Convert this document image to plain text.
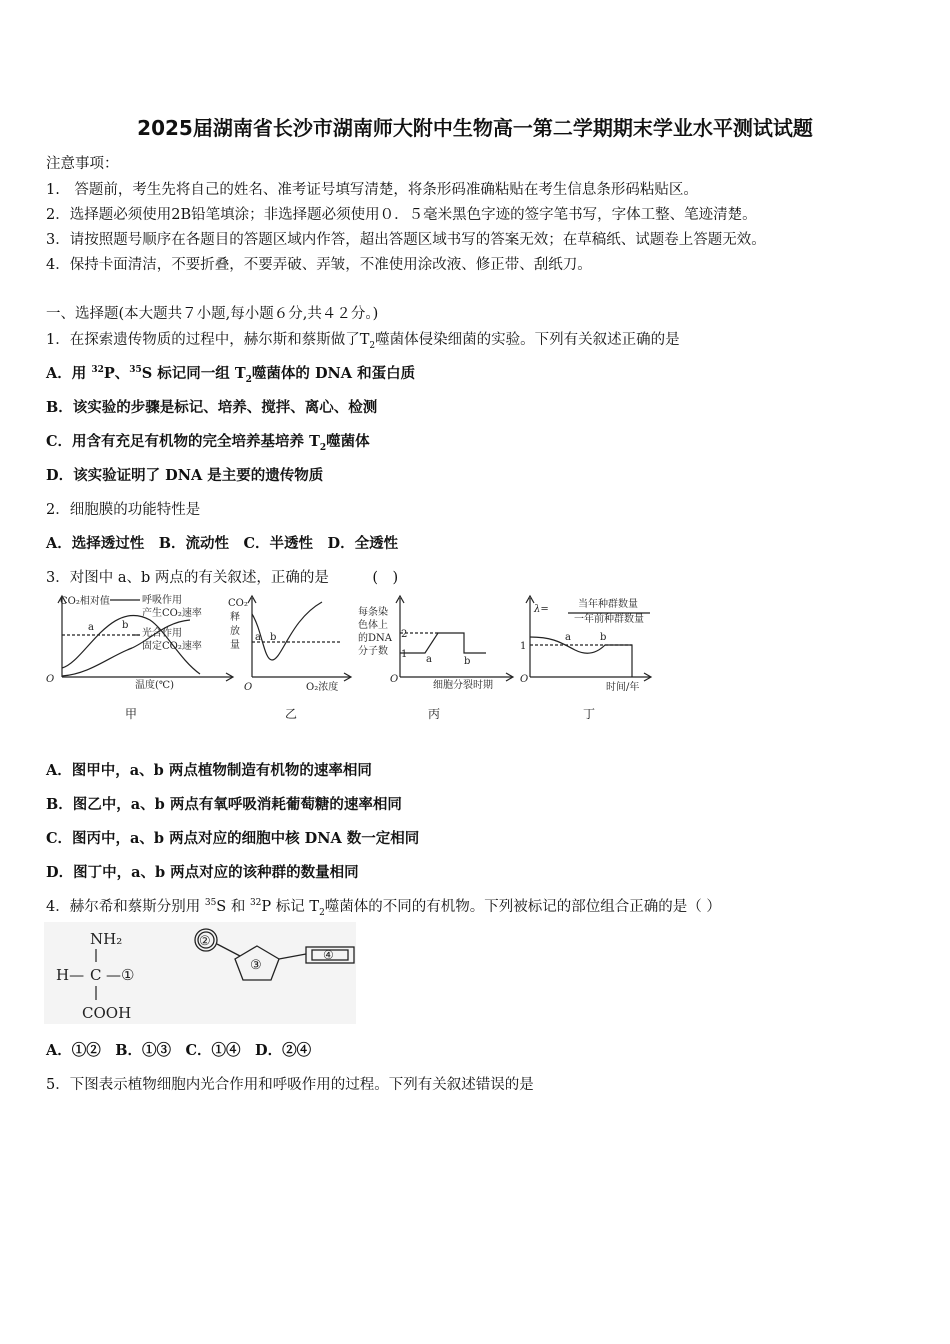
2025届湖南省长沙市湖南师大附中生物高一第二学期期末学业水平测试试题
注意事项：
1.　答题前，考生先将自己的姓名、准考证号填写清楚，将条形码准确粘贴在考生信息条形码粘贴区。
2．选择题必须使用2B铅笔填涂；非选择题必须使用０．５毫米黑色字迹的签字笔书写，字体工整、笔迹清楚。
3．请按照题号顺序在各题目的答题区域内作答，超出答题区域书写的答案无效；在草稿纸、试题卷上答题无效。
4．保持卡面清洁，不要折叠，不要弄破、弄皱，不准使用涂改液、修正带、刮纸刀。
一、选择题(本大题共７小题,每小题６分,共４２分。)
1．在探索遗传物质的过程中，赫尔斯和蔡斯做了$T_2$噬菌体侵染细菌的实验。下列有关叙述正确的是
A．用 $^{32}$P、$^{35}$S 标记同一组 $T_2$噬菌体的 DNA 和蛋白质
B．该实验的步骤是标记、培养、搅拌、离心、检测
C．用含有充足有机物的完全培养基培养 $T_2$噬菌体
D．该实验证明了 DNA 是主要的遗传物质
2．细胞膜的功能特性是
A．选择透过性　B．流动性　C．半透性　D．全透性
3．对图中 a、b 两点的有关叙述，正确的是　　　(　)
CO₂相对值	呼吸作用
产生CO₂速率
光合作用
固定CO₂速率
a	b
温度(℃)
O
甲
CO₂
释
放
量
a b
O₂浓度
O
乙
每条染
色体上
的DNA
分子数
2
1 a	b
细胞分裂时期
O
丙
λ=	当年种群数量
一年前种群数量
1
a	b
时间/年
O
丁
A．图甲中，a、b 两点植物制造有机物的速率相同
B．图乙中，a、b 两点有氧呼吸消耗葡萄糖的速率相同
C．图丙中，a、b 两点对应的细胞中核 DNA 数一定相同
D．图丁中，a、b 两点对应的该种群的数量相同
4．赫尔希和蔡斯分别用 $^{35}$S 和 $^{32}$P 标记 $T_2$噬菌体的不同的有机物。下列被标记的部位组合正确的是（ ）
NH₂
H— C —①
COOH
②
③
④
A．①②　B．①③　C．①④　D．②④
5．下图表示植物细胞内光合作用和呼吸作用的过程。下列有关叙述错误的是
